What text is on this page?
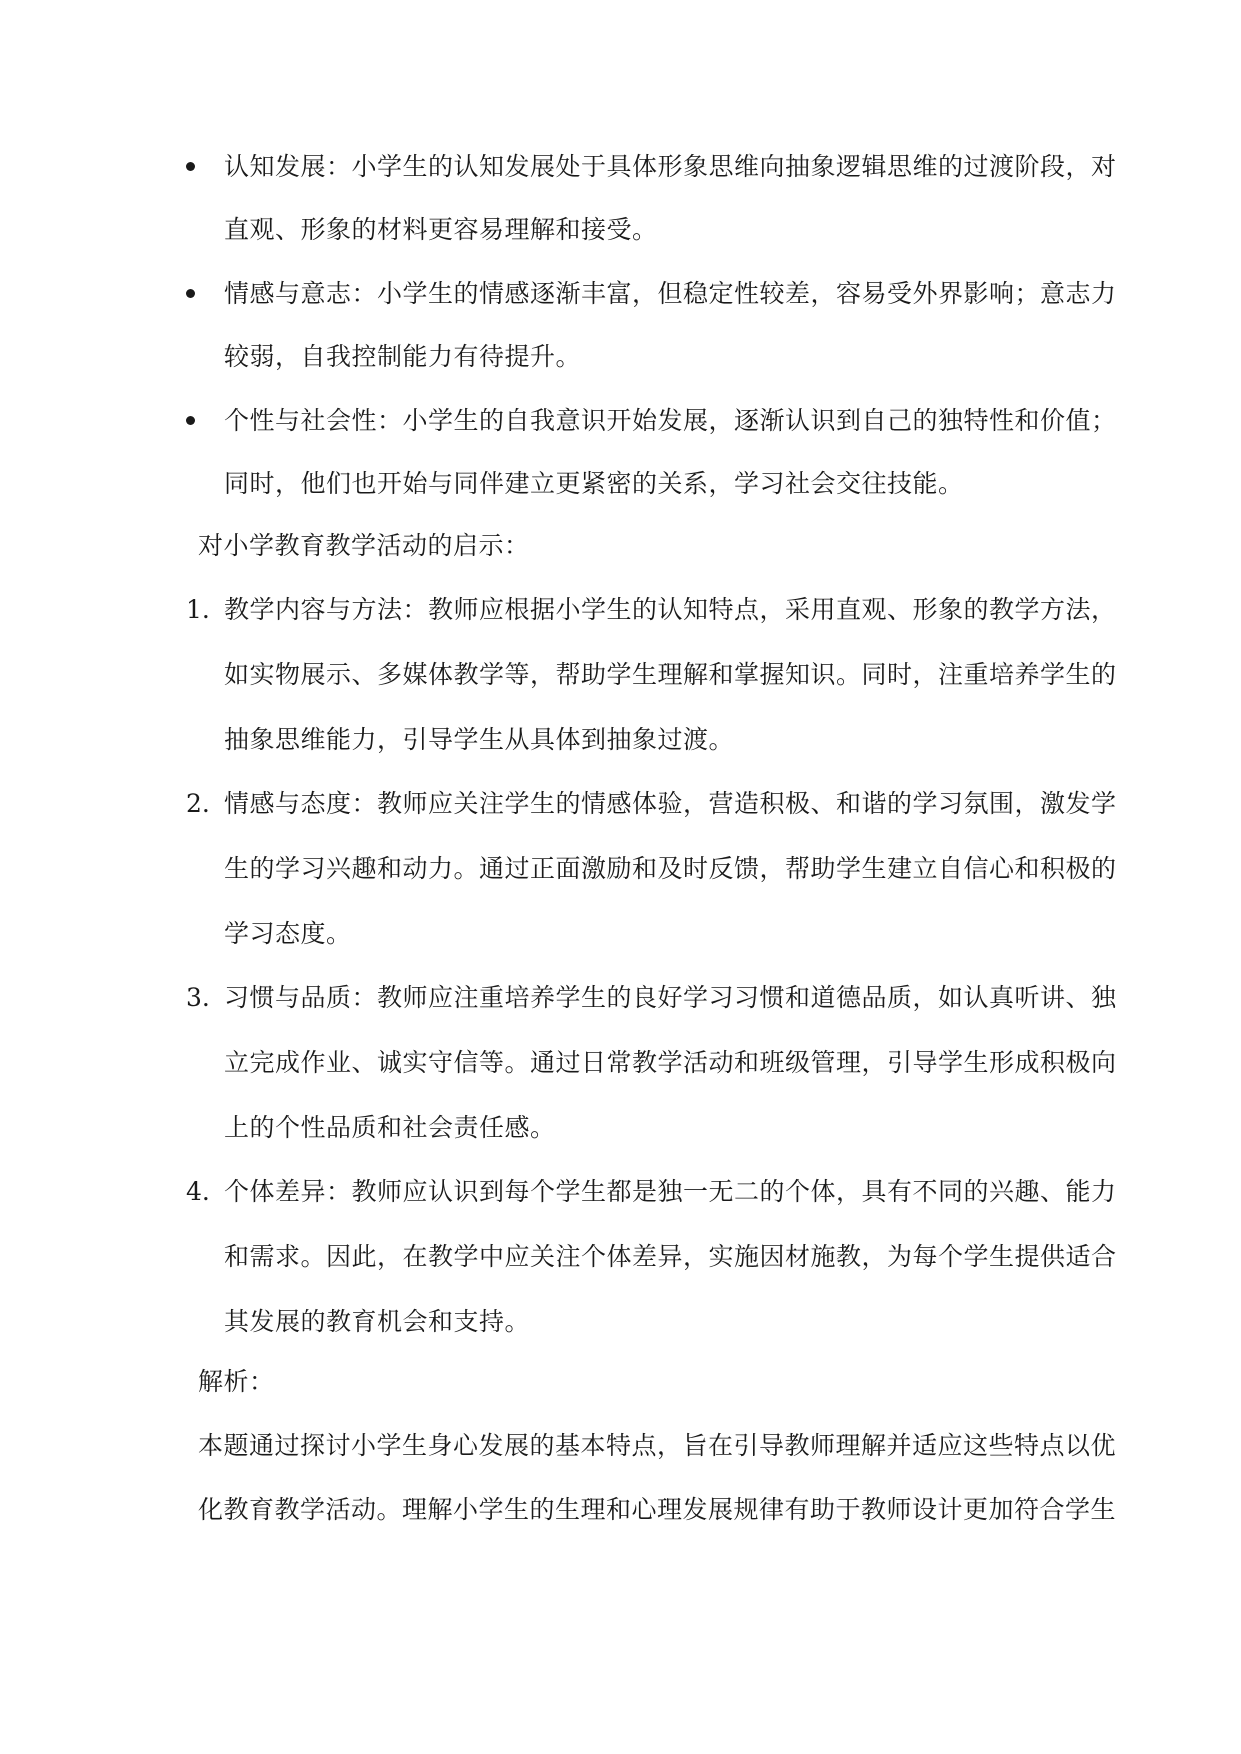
认知发展：小学生的认知发展处于具体形象思维向抽象逻辑思维的过渡阶段，对
直观、形象的材料更容易理解和接受。
情感与意志：小学生的情感逐渐丰富，但稳定性较差，容易受外界影响；意志力
较弱，自我控制能力有待提升。
个性与社会性：小学生的自我意识开始发展，逐渐认识到自己的独特性和价值；
同时，他们也开始与同伴建立更紧密的关系，学习社会交往技能。
对小学教育教学活动的启示：
1. 教学内容与方法：教师应根据小学生的认知特点，采用直观、形象的教学方法，
如实物展示、多媒体教学等，帮助学生理解和掌握知识。同时，注重培养学生的
抽象思维能力，引导学生从具体到抽象过渡。
2. 情感与态度：教师应关注学生的情感体验，营造积极、和谐的学习氛围，激发学
生的学习兴趣和动力。通过正面激励和及时反馈，帮助学生建立自信心和积极的
学习态度。
3. 习惯与品质：教师应注重培养学生的良好学习习惯和道德品质，如认真听讲、独
立完成作业、诚实守信等。通过日常教学活动和班级管理，引导学生形成积极向
上的个性品质和社会责任感。
4. 个体差异：教师应认识到每个学生都是独一无二的个体，具有不同的兴趣、能力
和需求。因此，在教学中应关注个体差异，实施因材施教，为每个学生提供适合
其发展的教育机会和支持。
解析：
本题通过探讨小学生身心发展的基本特点，旨在引导教师理解并适应这些特点以优
化教育教学活动。理解小学生的生理和心理发展规律有助于教师设计更加符合学生
